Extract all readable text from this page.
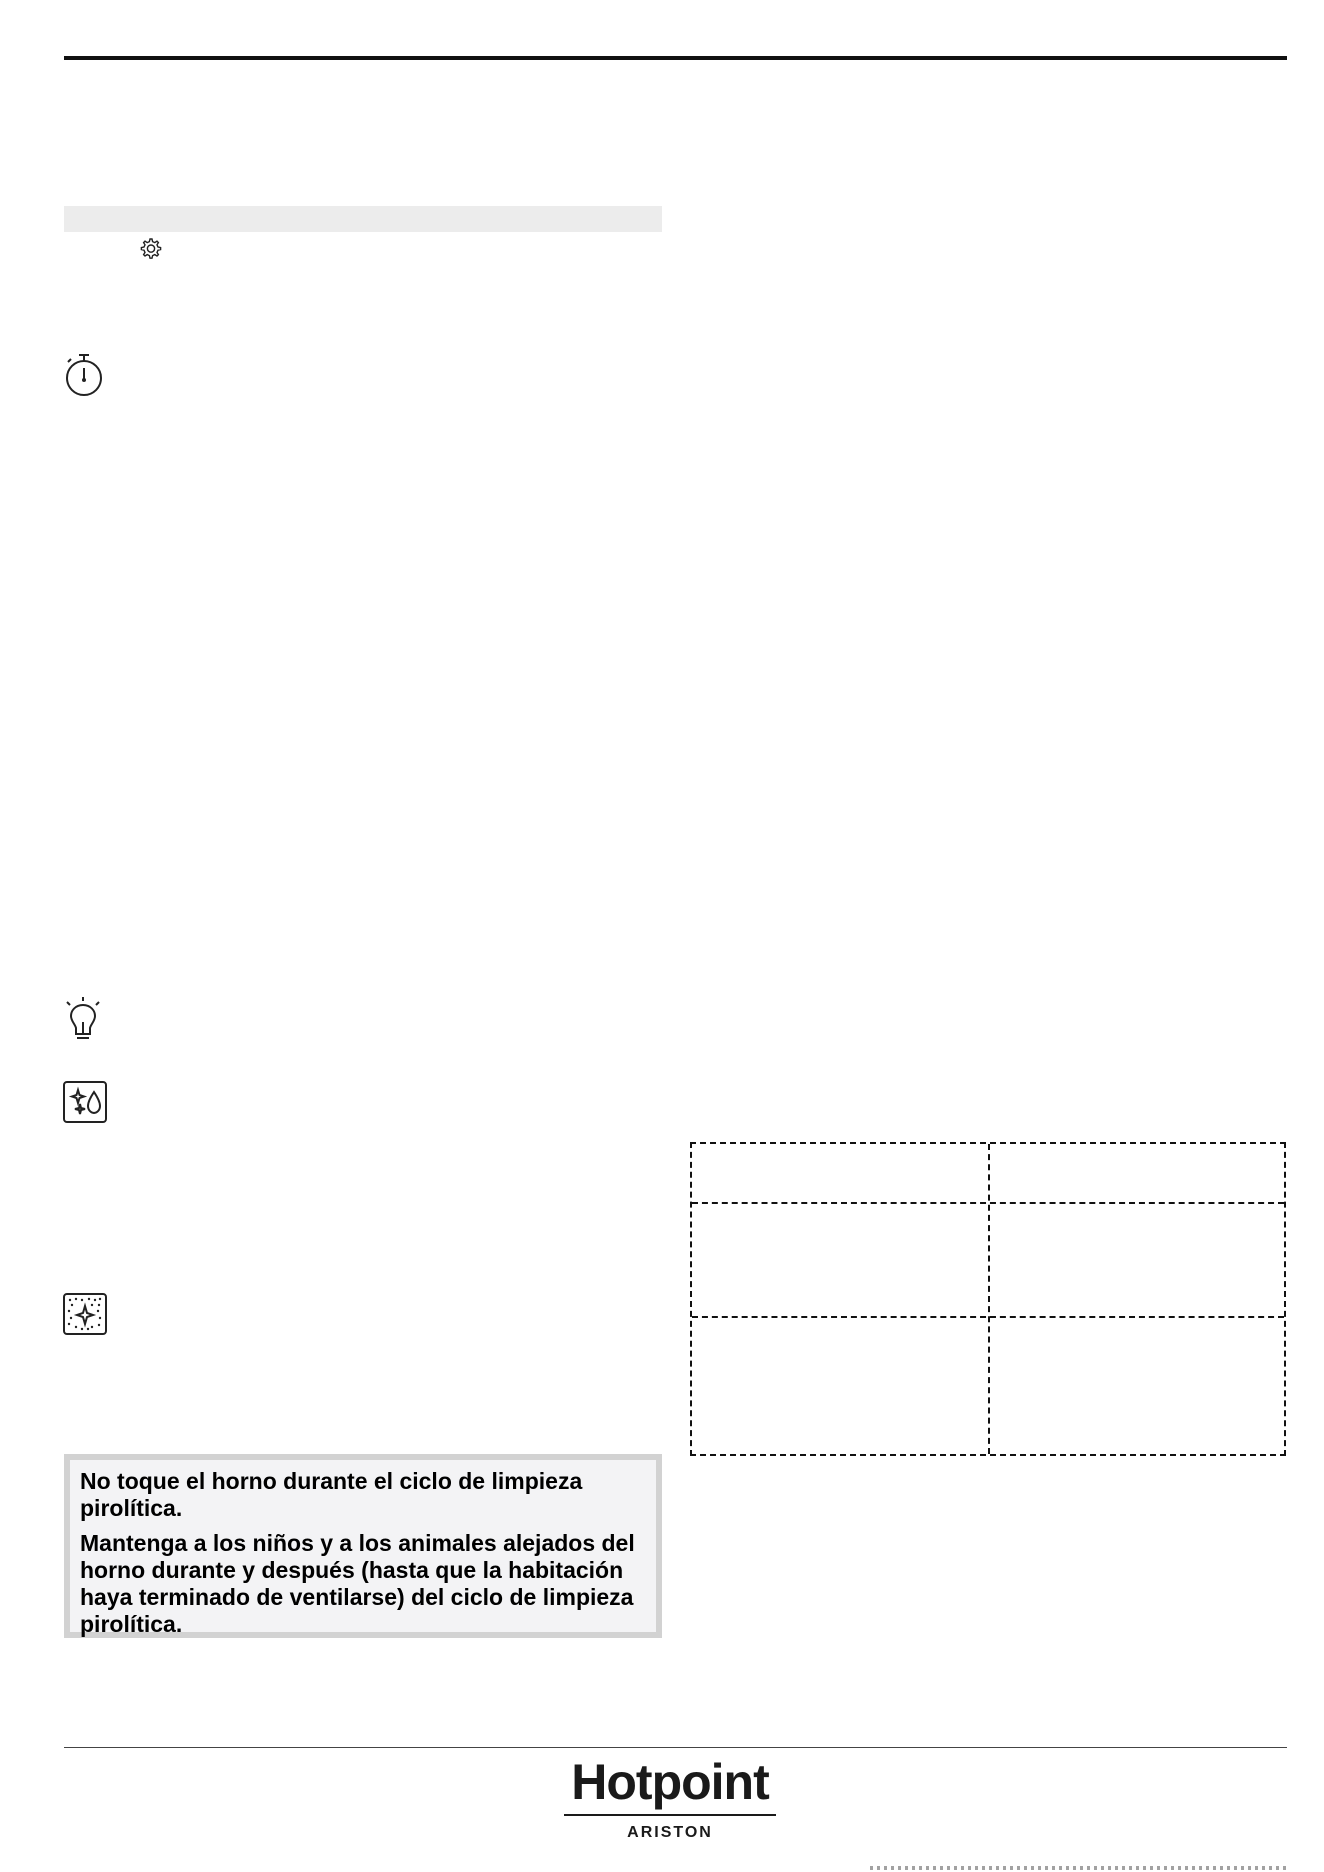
No toque el horno durante el ciclo de limpieza pirolítica.

Mantenga a los niños y a los animales alejados del horno durante y después (hasta que la habitación haya terminado de ventilarse) del ciclo de limpieza pirolítica.

Hotpoint
ARISTON
